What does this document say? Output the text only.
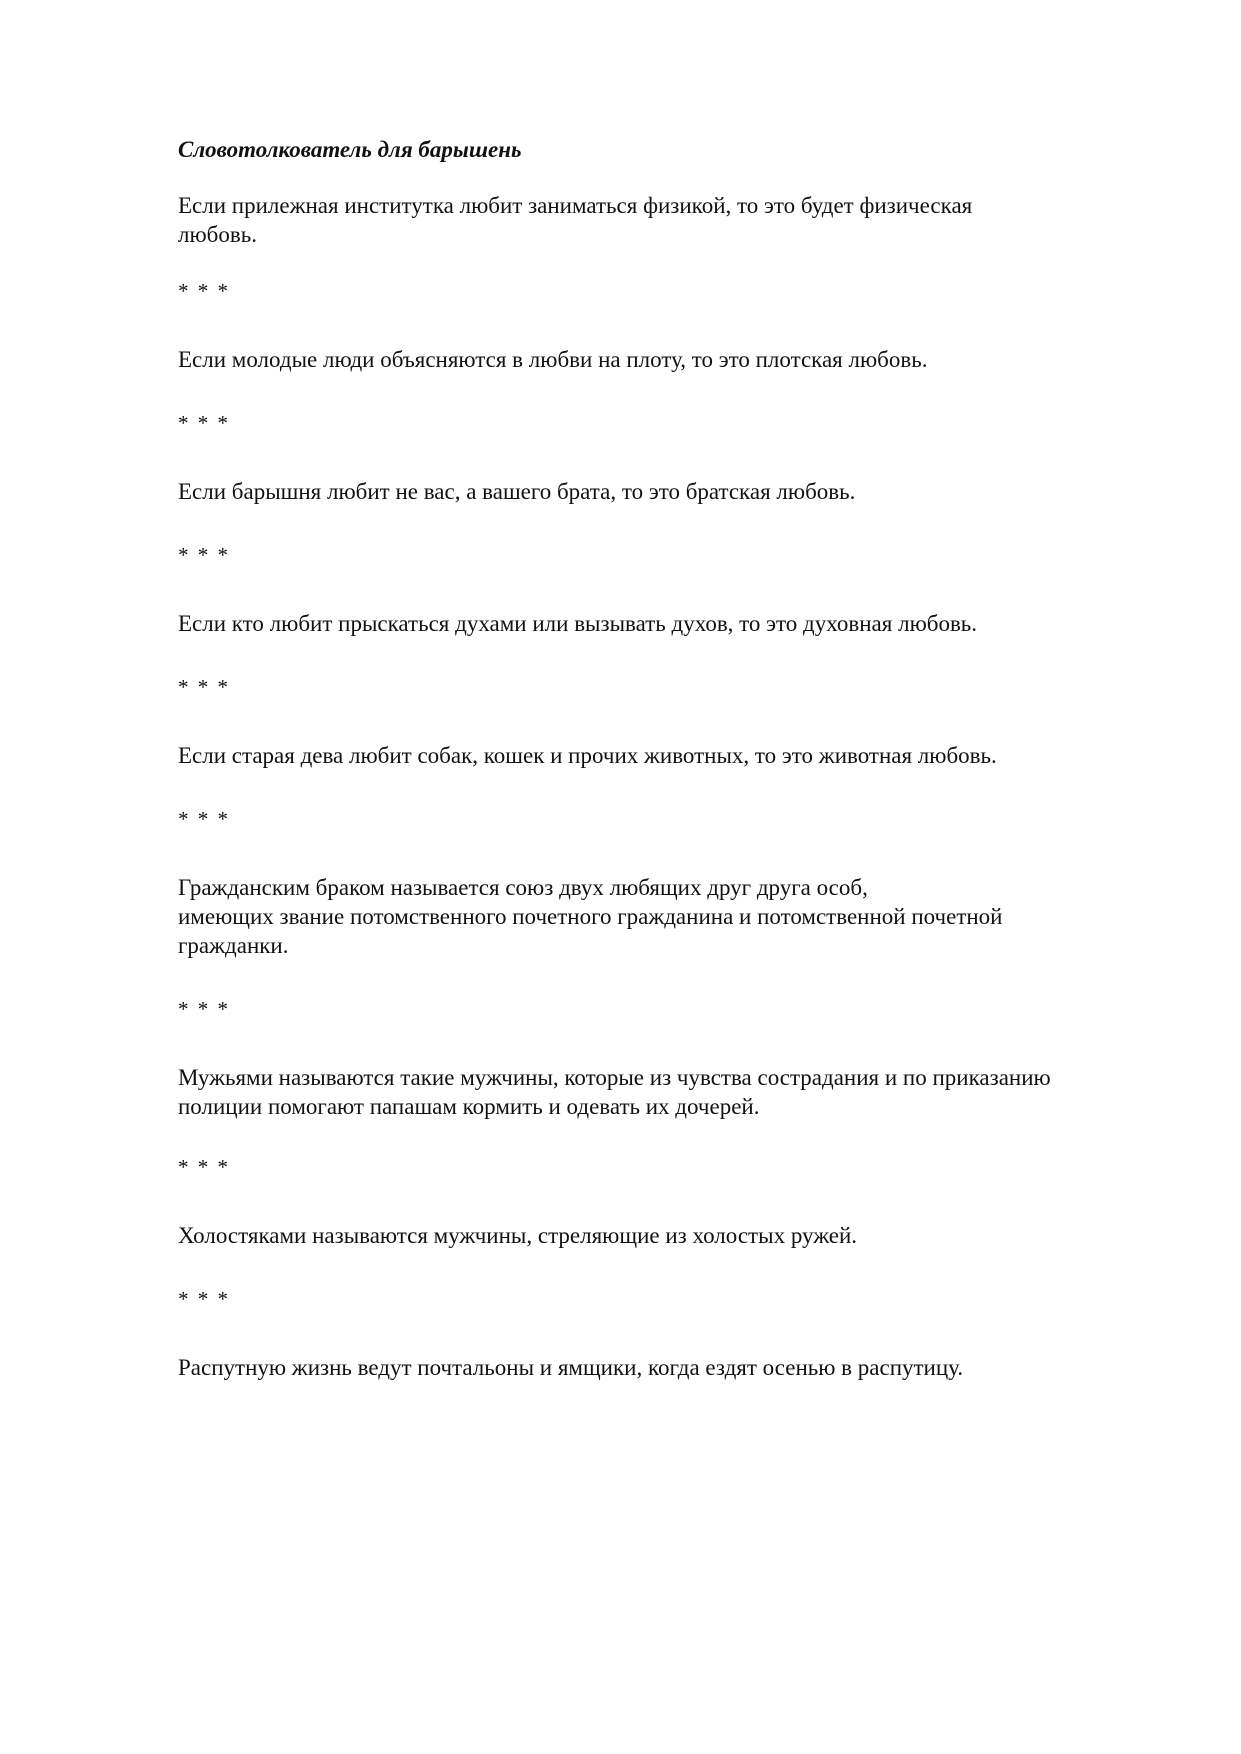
Словотолкователь для барышень

Если прилежная институтка любит заниматься физикой, то это будет физическая
любовь.

* * *

Если молодые люди объясняются в любви на плоту, то это плотская любовь.

* * *

Если барышня любит не вас, а вашего брата, то это братская любовь.

* * *

Если кто любит прыскаться духами или вызывать духов, то это духовная любовь.

* * *

Если старая дева любит собак, кошек и прочих животных, то это животная любовь.

* * *

Гражданским браком называется союз двух любящих друг друга особ,
имеющих звание потомственного почетного гражданина и потомственной почетной
гражданки.

* * *

Мужьями называются такие мужчины, которые из чувства сострадания и по приказанию
полиции помогают папашам кормить и одевать их дочерей.

* * *

Холостяками называются мужчины, стреляющие из холостых ружей.

* * *

Распутную жизнь ведут почтальоны и ямщики, когда ездят осенью в распутицу.
